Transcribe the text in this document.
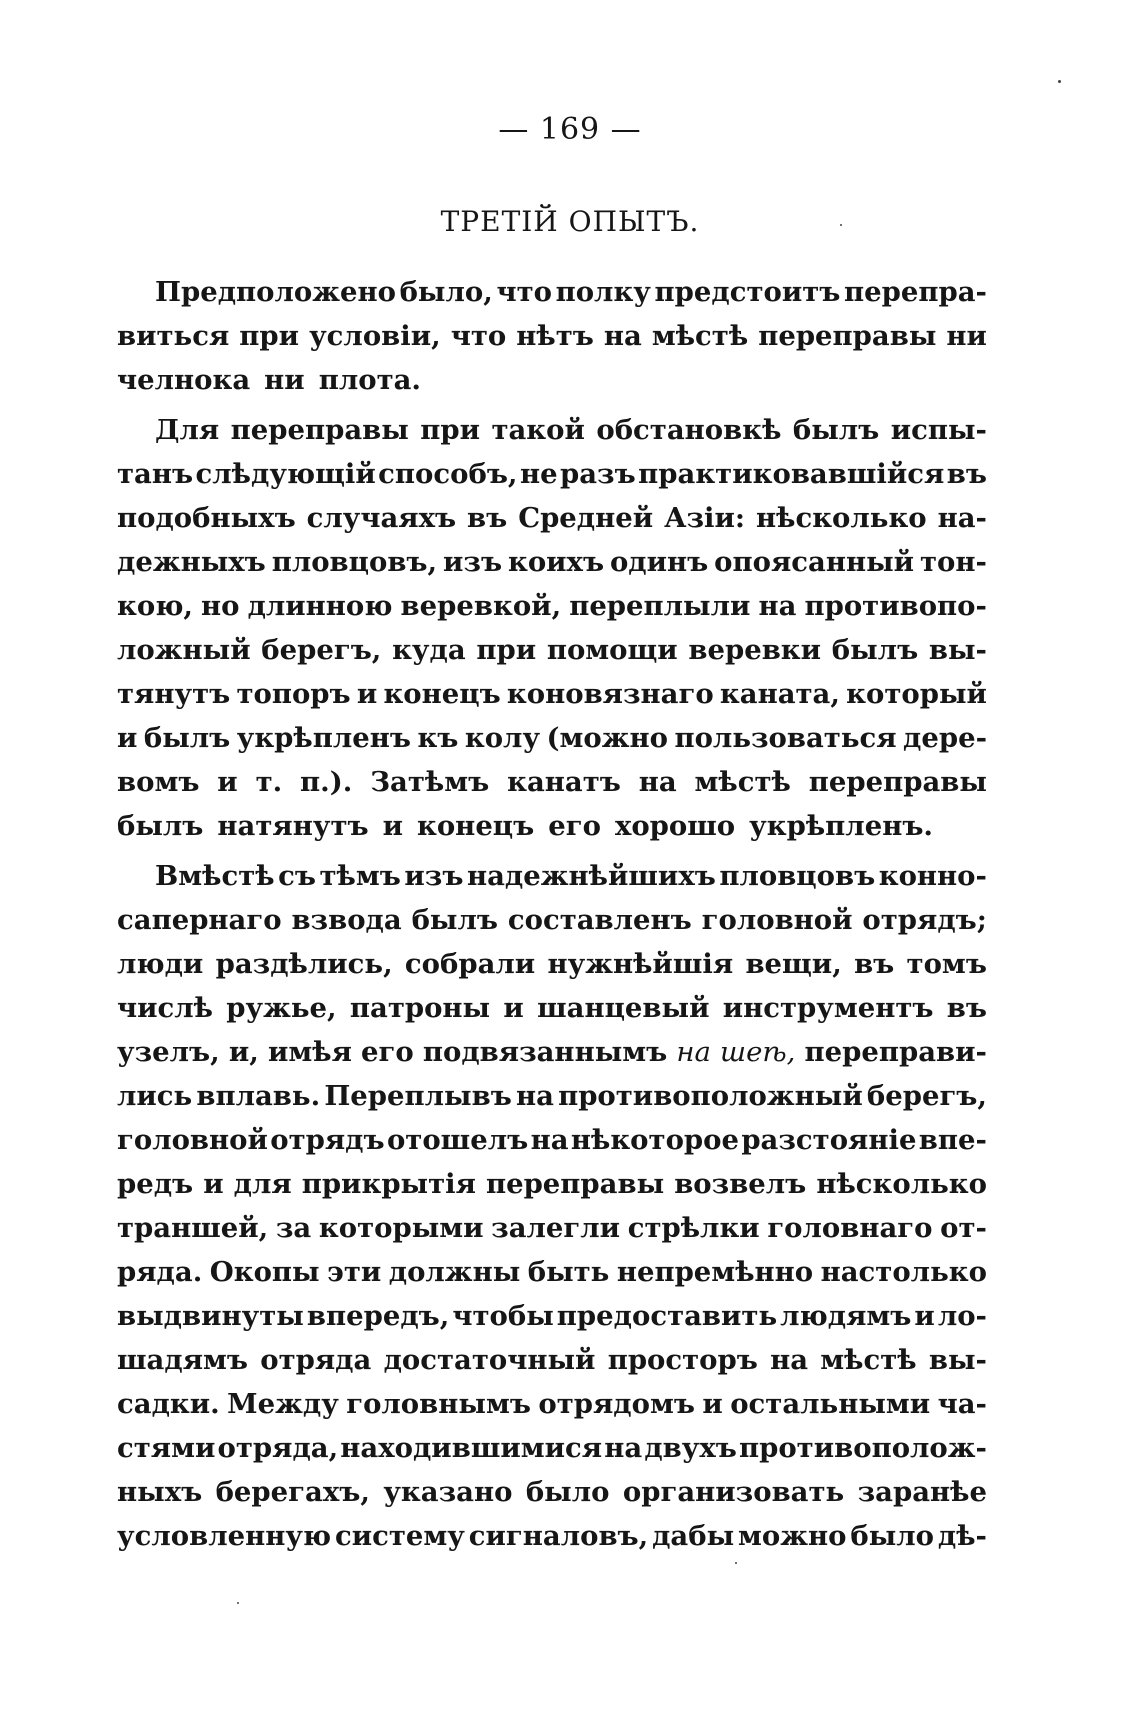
— 169 —
ТРЕТІЙ ОПЫТЪ.
Предположено было, что полку предстоитъ перепра-
виться при условіи, что нѣтъ на мѣстѣ переправы ни
челнока ни плота.
Для переправы при такой обстановкѣ былъ испы-
танъ слѣдующій способъ, не разъ практиковавшійся въ
подобныхъ случаяхъ въ Средней Азіи: нѣсколько на-
дежныхъ пловцовъ, изъ коихъ одинъ опоясанный тон-
кою, но длинною веревкой, переплыли на противопо-
ложный берегъ, куда при помощи веревки былъ вы-
тянутъ топоръ и конецъ коновязнаго каната, который
и былъ укрѣпленъ къ колу (можно пользоваться дере-
вомъ и т. п.). Затѣмъ канатъ на мѣстѣ переправы
былъ натянутъ и конецъ его хорошо укрѣпленъ.
Вмѣстѣ съ тѣмъ изъ надежнѣйшихъ пловцовъ конно-
сапернаго взвода былъ составленъ головной отрядъ;
люди раздѣлись, собрали нужнѣйшія вещи, въ томъ
числѣ ружье, патроны и шанцевый инструментъ въ
узелъ, и, имѣя его подвязаннымъ на шеѣ, переправи-
лись вплавь. Переплывъ на противоположный берегъ,
головной отрядъ отошелъ на нѣкоторое разстояніе впе-
редъ и для прикрытія переправы возвелъ нѣсколько
траншей, за которыми залегли стрѣлки головнаго от-
ряда. Окопы эти должны быть непремѣнно настолько
выдвинуты впередъ, чтобы предоставить людямъ и ло-
шадямъ отряда достаточный просторъ на мѣстѣ вы-
садки. Между головнымъ отрядомъ и остальными ча-
стями отряда, находившимися на двухъ противополож-
ныхъ берегахъ, указано было организовать заранѣе
условленную систему сигналовъ, дабы можно было дѣ-
